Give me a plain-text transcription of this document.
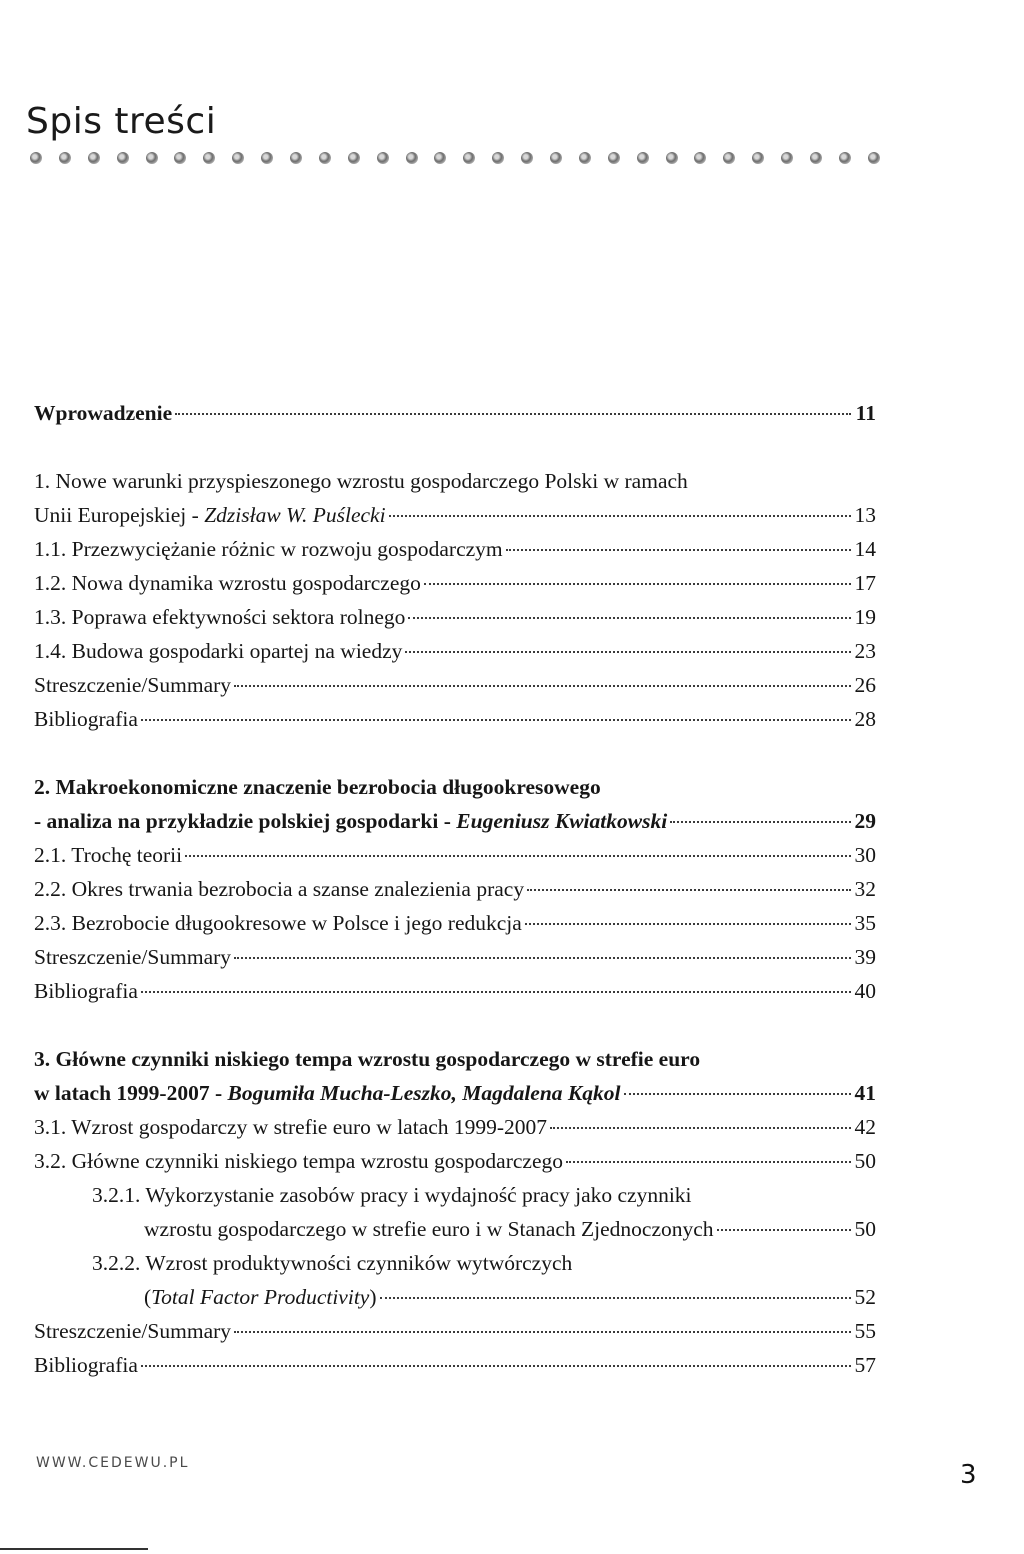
Spis treści
Wprowadzenie	11
1. Nowe warunki przyspieszonego wzrostu gospodarczego Polski w ramach
Unii Europejskiej - Zdzisław W. Puślecki	13
1.1. Przezwyciężanie różnic w rozwoju gospodarczym	14
1.2. Nowa dynamika wzrostu gospodarczego	17
1.3. Poprawa efektywności sektora rolnego	19
1.4. Budowa gospodarki opartej na wiedzy	23
Streszczenie/Summary	26
Bibliografia	28
2. Makroekonomiczne znaczenie bezrobocia długookresowego
- analiza na przykładzie polskiej gospodarki - Eugeniusz Kwiatkowski	29
2.1. Trochę teorii	30
2.2. Okres trwania bezrobocia a szanse znalezienia pracy	32
2.3. Bezrobocie długookresowe w Polsce i jego redukcja	35
Streszczenie/Summary	39
Bibliografia	40
3. Główne czynniki niskiego tempa wzrostu gospodarczego w strefie euro
w latach 1999-2007 - Bogumiła Mucha-Leszko, Magdalena Kąkol	41
3.1. Wzrost gospodarczy w strefie euro w latach 1999-2007	42
3.2. Główne czynniki niskiego tempa wzrostu gospodarczego	50
3.2.1. Wykorzystanie zasobów pracy i wydajność pracy jako czynniki
wzrostu gospodarczego w strefie euro i w Stanach Zjednoczonych	50
3.2.2. Wzrost produktywności czynników wytwórczych
(Total Factor Productivity)	52
Streszczenie/Summary	55
Bibliografia	57
WWW.CEDEWU.PL	3
